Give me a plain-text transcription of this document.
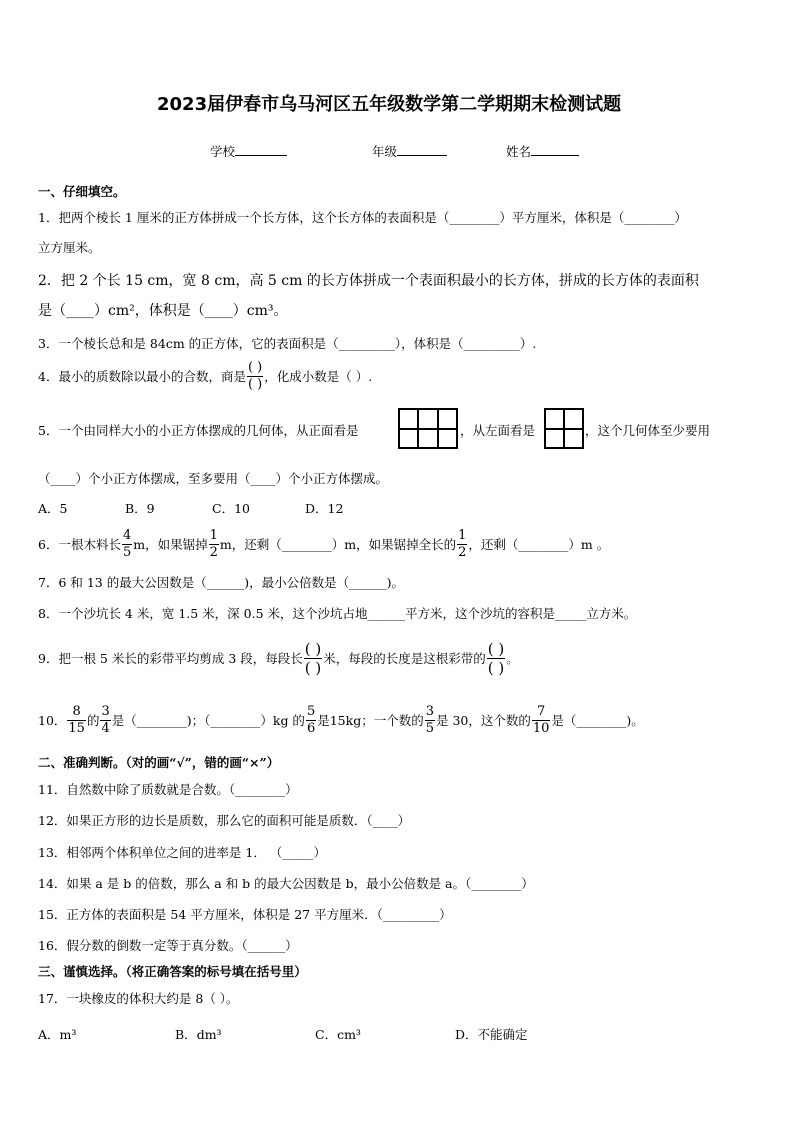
2023届伊春市乌马河区五年级数学第二学期期末检测试题
学校	年级	姓名
一、仔细填空。
1．把两个棱长 1 厘米的正方体拼成一个长方体，这个长方体的表面积是（________）平方厘米，体积是（________）
立方厘米。
2．把 2 个长 15 cm，宽 8 cm，高 5 cm 的长方体拼成一个表面积最小的长方体，拼成的长方体的表面积
是（____）cm²，体积是（____）cm³。
3．一个棱长总和是 84cm 的正方体，它的表面积是（_________），体积是（_________）.
4．最小的质数除以最小的合数，商是 $\frac{( )}{( )}$ ，化成小数是（ ）.
5．一个由同样大小的小正方体摆成的几何体，从正面看是	，从左面看是	，这个几何体至少要用
（____）个小正方体摆成，至多要用（____）个小正方体摆成。
A．5	B．9	C．10	D．12
6．一根木料长 $\frac{4}{5}$ m，如果锯掉 $\frac{1}{2}$ m，还剩（________）m，如果锯掉全长的 $\frac{1}{2}$ ，还剩（________）m 。
7．6 和 13 的最大公因数是（______)，最小公倍数是（______)。
8．一个沙坑长 4 米，宽 1.5 米，深 0.5 米，这个沙坑占地______平方米，这个沙坑的容积是_____立方米。
9．把一根 5 米长的彩带平均剪成 3 段，每段长 $\frac{( )}{( )}$ 米，每段的长度是这根彩带的 $\frac{( )}{( )}$ 。
10． $\frac{8}{15}$ 的 $\frac{3}{4}$ 是（________)；（________）kg 的 $\frac{5}{6}$ 是15kg；一个数的 $\frac{3}{5}$ 是 30，这个数的 $\frac{7}{10}$ 是（________)。
二、准确判断。（对的画“√”，错的画“×”）
11．自然数中除了质数就是合数。（________）
12．如果正方形的边长是质数，那么它的面积可能是质数．（____）
13．相邻两个体积单位之间的进率是 1． （_____）
14．如果 a 是 b 的倍数，那么 a 和 b 的最大公因数是 b，最小公倍数是 a。（________）
15．正方体的表面积是 54 平方厘米，体积是 27 平方厘米．（_________）
16．假分数的倒数一定等于真分数。（______）
三、谨慎选择。（将正确答案的标号填在括号里）
17．一块橡皮的体积大约是 8（ ）。
A．m³	B．dm³	C．cm³	D．不能确定
